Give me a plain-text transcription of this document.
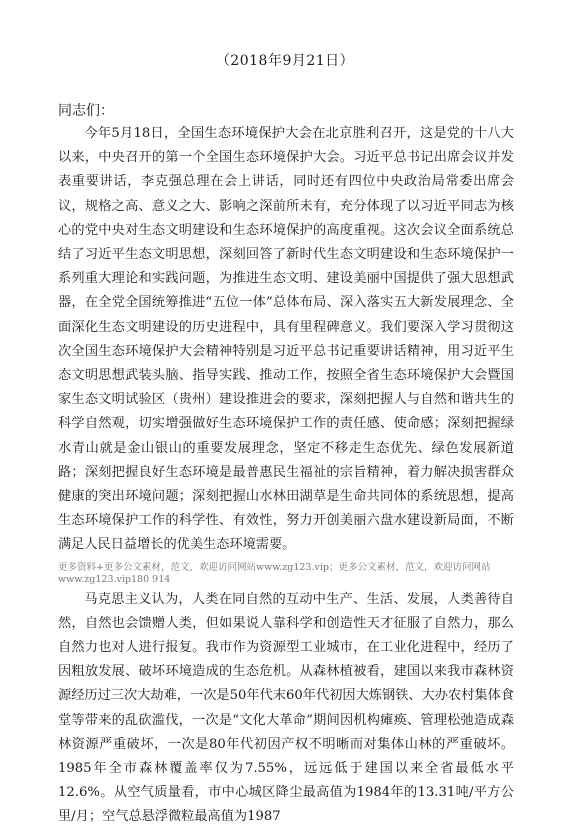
（2018年9月21日）
同志们：

今年5月18日，全国生态环境保护大会在北京胜利召开，这是党的十八大以来，中央召开的第一个全国生态环境保护大会。习近平总书记出席会议并发表重要讲话，李克强总理在会上讲话，同时还有四位中央政治局常委出席会议，规格之高、意义之大、影响之深前所未有，充分体现了以习近平同志为核心的党中央对生态文明建设和生态环境保护的高度重视。这次会议全面系统总结了习近平生态文明思想，深刻回答了新时代生态文明建设和生态环境保护一系列重大理论和实践问题，为推进生态文明、建设美丽中国提供了强大思想武器，在全党全国统筹推进“五位一体”总体布局、深入落实五大新发展理念、全面深化生态文明建设的历史进程中，具有里程碑意义。我们要深入学习贯彻这次全国生态环境保护大会精神特别是习近平总书记重要讲话精神，用习近平生态文明思想武装头脑、指导实践、推动工作，按照全省生态环境保护大会暨国家生态文明试验区（贵州）建设推进会的要求，深刻把握人与自然和谐共生的科学自然观，切实增强做好生态环境保护工作的责任感、使命感；深刻把握绿水青山就是金山银山的重要发展理念，坚定不移走生态优先、绿色发展新道路；深刻把握良好生态环境是最普惠民生福祉的宗旨精神，着力解决损害群众健康的突出环境问题；深刻把握山水林田湖草是生命共同体的系统思想，提高生态环境保护工作的科学性、有效性，努力开创美丽六盘水建设新局面，不断满足人民日益增长的优美生态环境需要。

更多资料+更多公文素材，范文，欢迎访问网站www.zg123.vip；更多公文素材，范文，欢迎访问网站
www.zg123.vip180 914

马克思主义认为，人类在同自然的互动中生产、生活、发展，人类善待自然，自然也会馈赠人类，但如果说人靠科学和创造性天才征服了自然力，那么自然力也对人进行报复。我市作为资源型工业城市，在工业化进程中，经历了因粗放发展、破坏环境造成的生态危机。从森林植被看，建国以来我市森林资源经历过三次大劫难，一次是50年代末60年代初因大炼钢铁、大办农村集体食堂等带来的乱砍滥伐，一次是“文化大革命”期间因机构瘫痪、管理松弛造成森林资源严重破坏，一次是80年代初因产权不明晰而对集体山林的严重破坏。1985年全市森林覆盖率仅为7.55%，远远低于建国以来全省最低水平12.6%。从空气质量看，市中心城区降尘最高值为1984年的13.31吨/平方公里/月；空气总悬浮微粒最高值为1987
